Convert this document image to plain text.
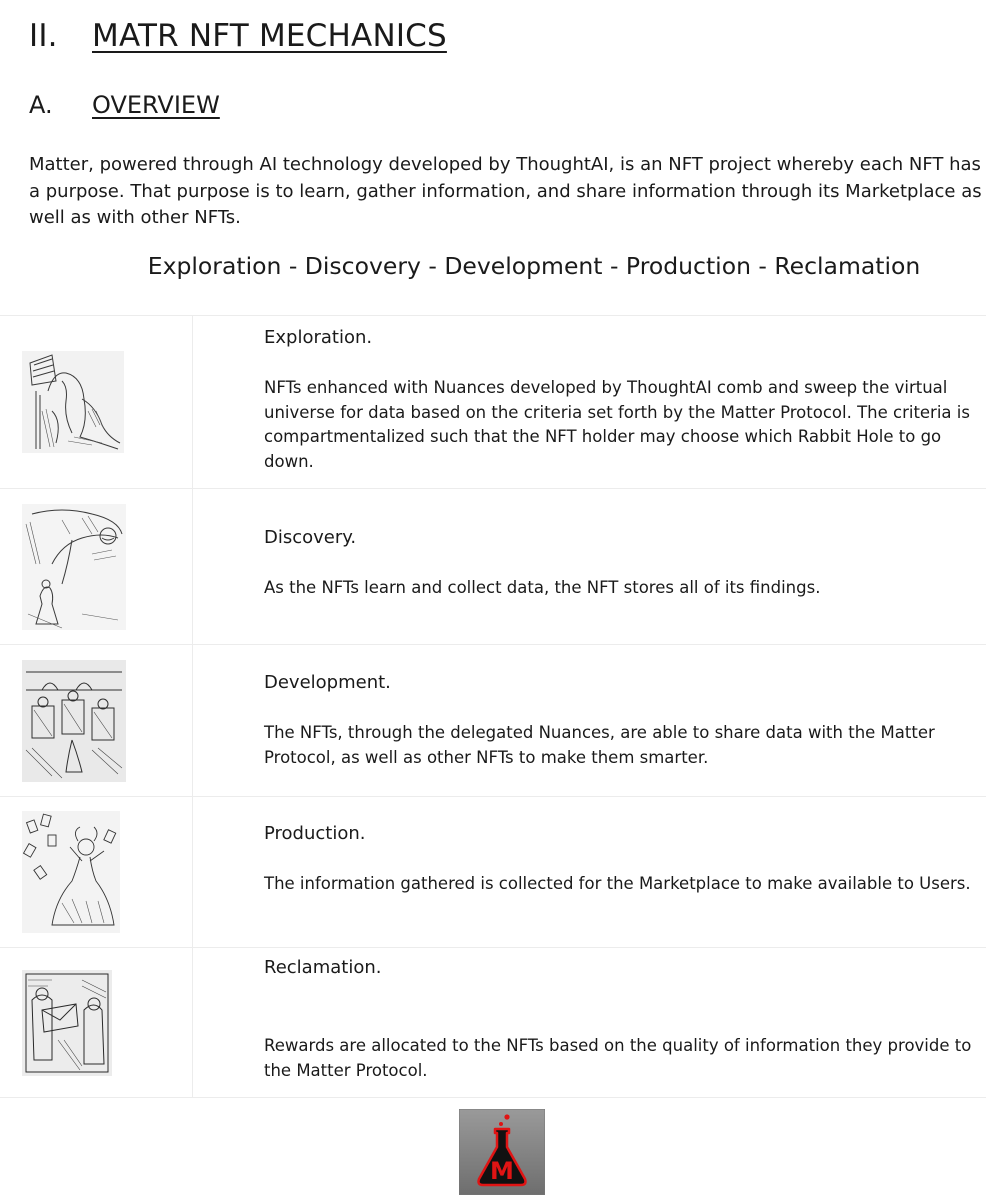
II. MATR NFT MECHANICS
A. OVERVIEW

Matter, powered through AI technology developed by ThoughtAI, is an NFT project whereby each NFT has a purpose. That purpose is to learn, gather information, and share information through its Marketplace as well as with other NFTs.

Exploration - Discovery - Development - Production - Reclamation

Exploration.

NFTs enhanced with Nuances developed by ThoughtAI comb and sweep the virtual universe for data based on the criteria set forth by the Matter Protocol. The criteria is compartmentalized such that the NFT holder may choose which Rabbit Hole to go down.

Discovery.

As the NFTs learn and collect data, the NFT stores all of its findings.

Development.

The NFTs, through the delegated Nuances, are able to share data with the Matter Protocol, as well as other NFTs to make them smarter.

Production.

The information gathered is collected for the Marketplace to make available to Users.

Reclamation.

Rewards are allocated to the NFTs based on the quality of information they provide to the Matter Protocol.

M
